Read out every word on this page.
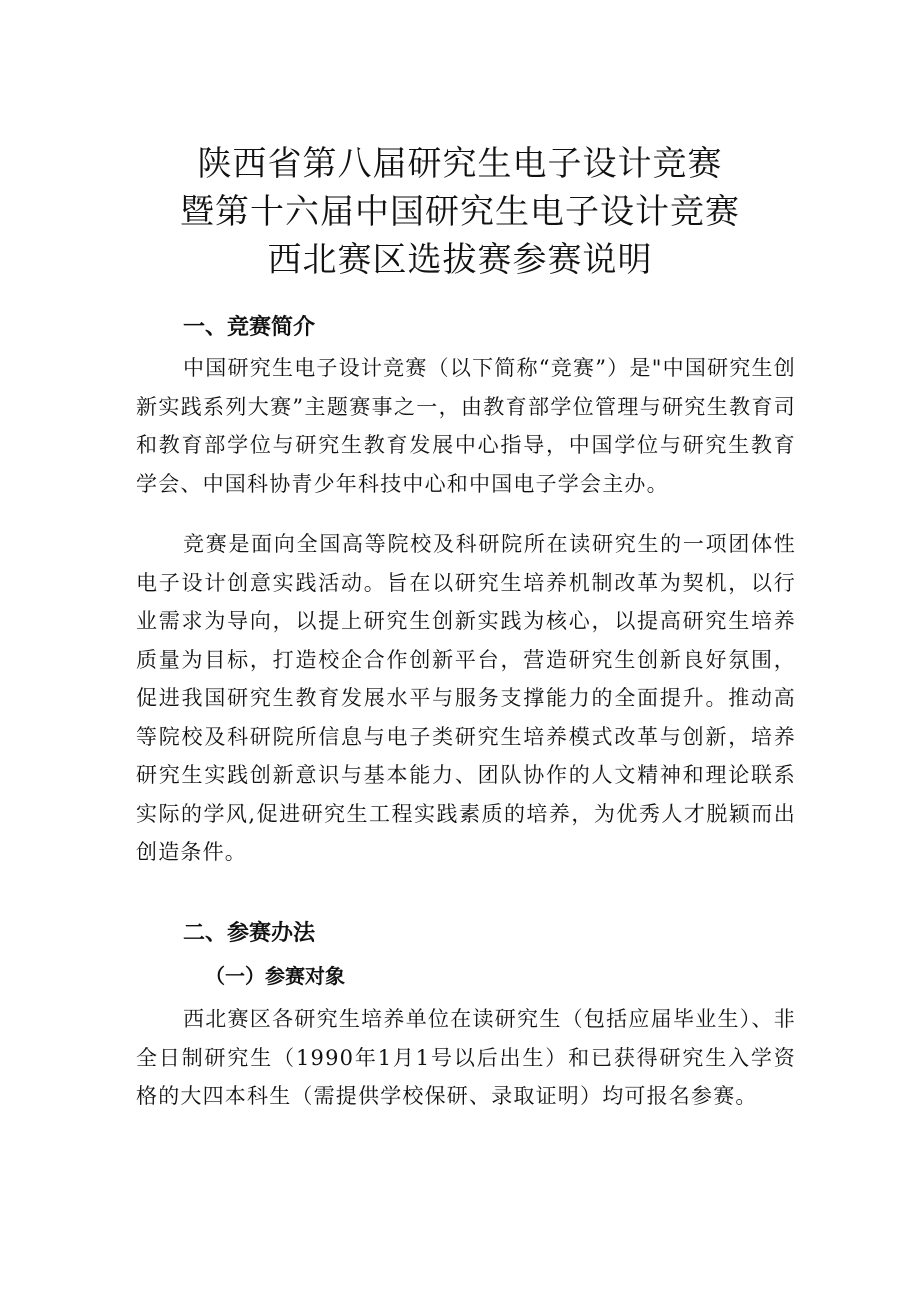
陕西省第八届研究生电子设计竞赛
暨第十六届中国研究生电子设计竞赛
西北赛区选拔赛参赛说明
一、竞赛简介

中国研究生电子设计竞赛（以下简称“竞赛”）是"中国研究生创新实践系列大赛”主题赛事之一，由教育部学位管理与研究生教育司和教育部学位与研究生教育发展中心指导，中国学位与研究生教育学会、中国科协青少年科技中心和中国电子学会主办。

竞赛是面向全国高等院校及科研院所在读研究生的一项团体性电子设计创意实践活动。旨在以研究生培养机制改革为契机，以行业需求为导向，以提上研究生创新实践为核心，以提高研究生培养质量为目标，打造校企合作创新平台，营造研究生创新良好氛围，促进我国研究生教育发展水平与服务支撑能力的全面提升。推动高等院校及科研院所信息与电子类研究生培养模式改革与创新，培养研究生实践创新意识与基本能力、团队协作的人文精神和理论联系实际的学风,促进研究生工程实践素质的培养，为优秀人才脱颖而出创造条件。

二、参赛办法
（一）参赛对象

西北赛区各研究生培养单位在读研究生（包括应届毕业生）、非全日制研究生（1990年1月1号以后出生）和已获得研究生入学资格的大四本科生（需提供学校保研、录取证明）均可报名参赛。
